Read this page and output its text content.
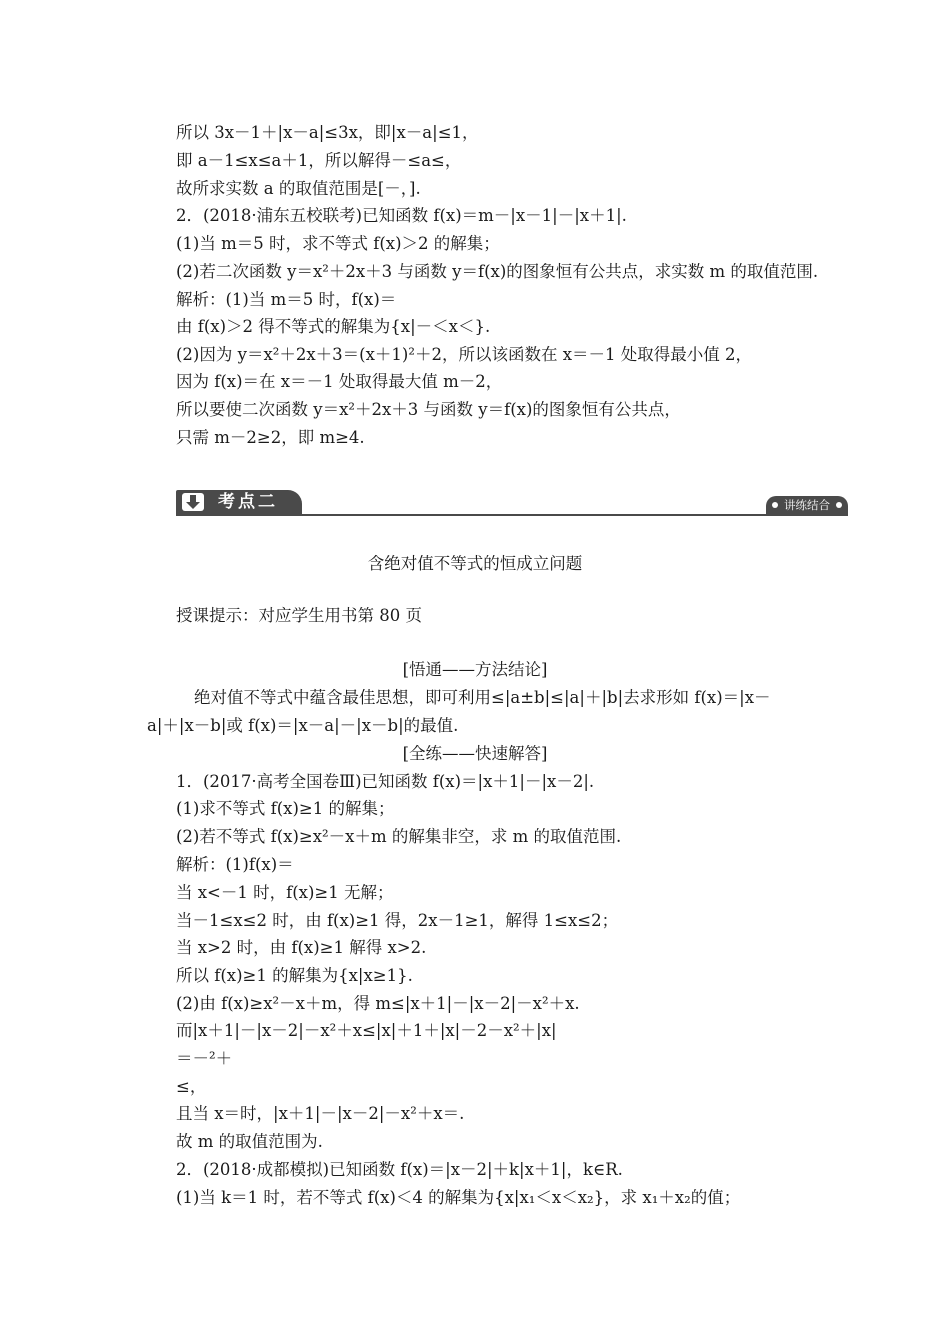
所以 3x－1＋|x－a|≤3x，即|x－a|≤1，
即 a－1≤x≤a＋1，所以解得－≤a≤，
故所求实数 a 的取值范围是[－，].
2．(2018·浦东五校联考)已知函数 f(x)＝m－|x－1|－|x＋1|.
(1)当 m＝5 时，求不等式 f(x)＞2 的解集；
(2)若二次函数 y＝x²＋2x＋3 与函数 y＝f(x)的图象恒有公共点，求实数 m 的取值范围.
解析：(1)当 m＝5 时，f(x)＝
由 f(x)＞2 得不等式的解集为{x|－＜x＜}.
(2)因为 y＝x²＋2x＋3＝(x＋1)²＋2，所以该函数在 x＝－1 处取得最小值 2，
因为 f(x)＝在 x＝－1 处取得最大值 m－2，
所以要使二次函数 y＝x²＋2x＋3 与函数 y＝f(x)的图象恒有公共点，
只需 m－2≥2，即 m≥4.
考点二	讲练结合
含绝对值不等式的恒成立问题
授课提示：对应学生用书第 80 页
[悟通——方法结论]
绝对值不等式中蕴含最佳思想，即可利用≤|a±b|≤|a|＋|b|去求形如 f(x)＝|x－
a|＋|x－b|或 f(x)＝|x－a|－|x－b|的最值.
[全练——快速解答]
1．(2017·高考全国卷Ⅲ)已知函数 f(x)＝|x＋1|－|x－2|.
(1)求不等式 f(x)≥1 的解集；
(2)若不等式 f(x)≥x²－x＋m 的解集非空，求 m 的取值范围.
解析：(1)f(x)＝
当 x<－1 时，f(x)≥1 无解；
当－1≤x≤2 时，由 f(x)≥1 得，2x－1≥1，解得 1≤x≤2；
当 x>2 时，由 f(x)≥1 解得 x>2.
所以 f(x)≥1 的解集为{x|x≥1}.
(2)由 f(x)≥x²－x＋m，得 m≤|x＋1|－|x－2|－x²＋x.
而|x＋1|－|x－2|－x²＋x≤|x|＋1＋|x|－2－x²＋|x|
＝－²＋
≤，
且当 x＝时，|x＋1|－|x－2|－x²＋x＝.
故 m 的取值范围为.
2．(2018·成都模拟)已知函数 f(x)＝|x－2|＋k|x＋1|，k∈R.
(1)当 k＝1 时，若不等式 f(x)＜4 的解集为{x|x₁＜x＜x₂}，求 x₁＋x₂的值；
